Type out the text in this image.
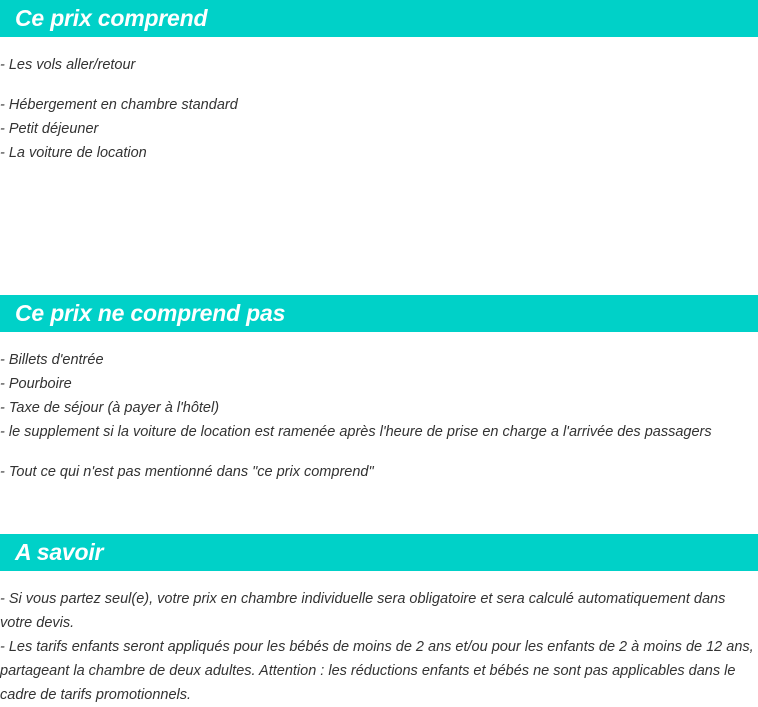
Ce prix comprend
- Les vols aller/retour
- Hébergement en chambre standard
- Petit déjeuner
- La voiture de location
Ce prix ne comprend pas
- Billets d'entrée
- Pourboire
- Taxe de séjour (à payer à l'hôtel)
- le supplement si la voiture de location est ramenée après l'heure de prise en charge a l'arrivée des passagers
- Tout ce qui n'est pas mentionné dans "ce prix comprend"
A savoir
- Si vous partez seul(e), votre prix en chambre individuelle sera obligatoire et sera calculé automatiquement dans votre devis.
- Les tarifs enfants seront appliqués pour les bébés de moins de 2 ans et/ou pour les enfants de 2 à moins de 12 ans, partageant la chambre de deux adultes. Attention : les réductions enfants et bébés ne sont pas applicables dans le cadre de tarifs promotionnels.
